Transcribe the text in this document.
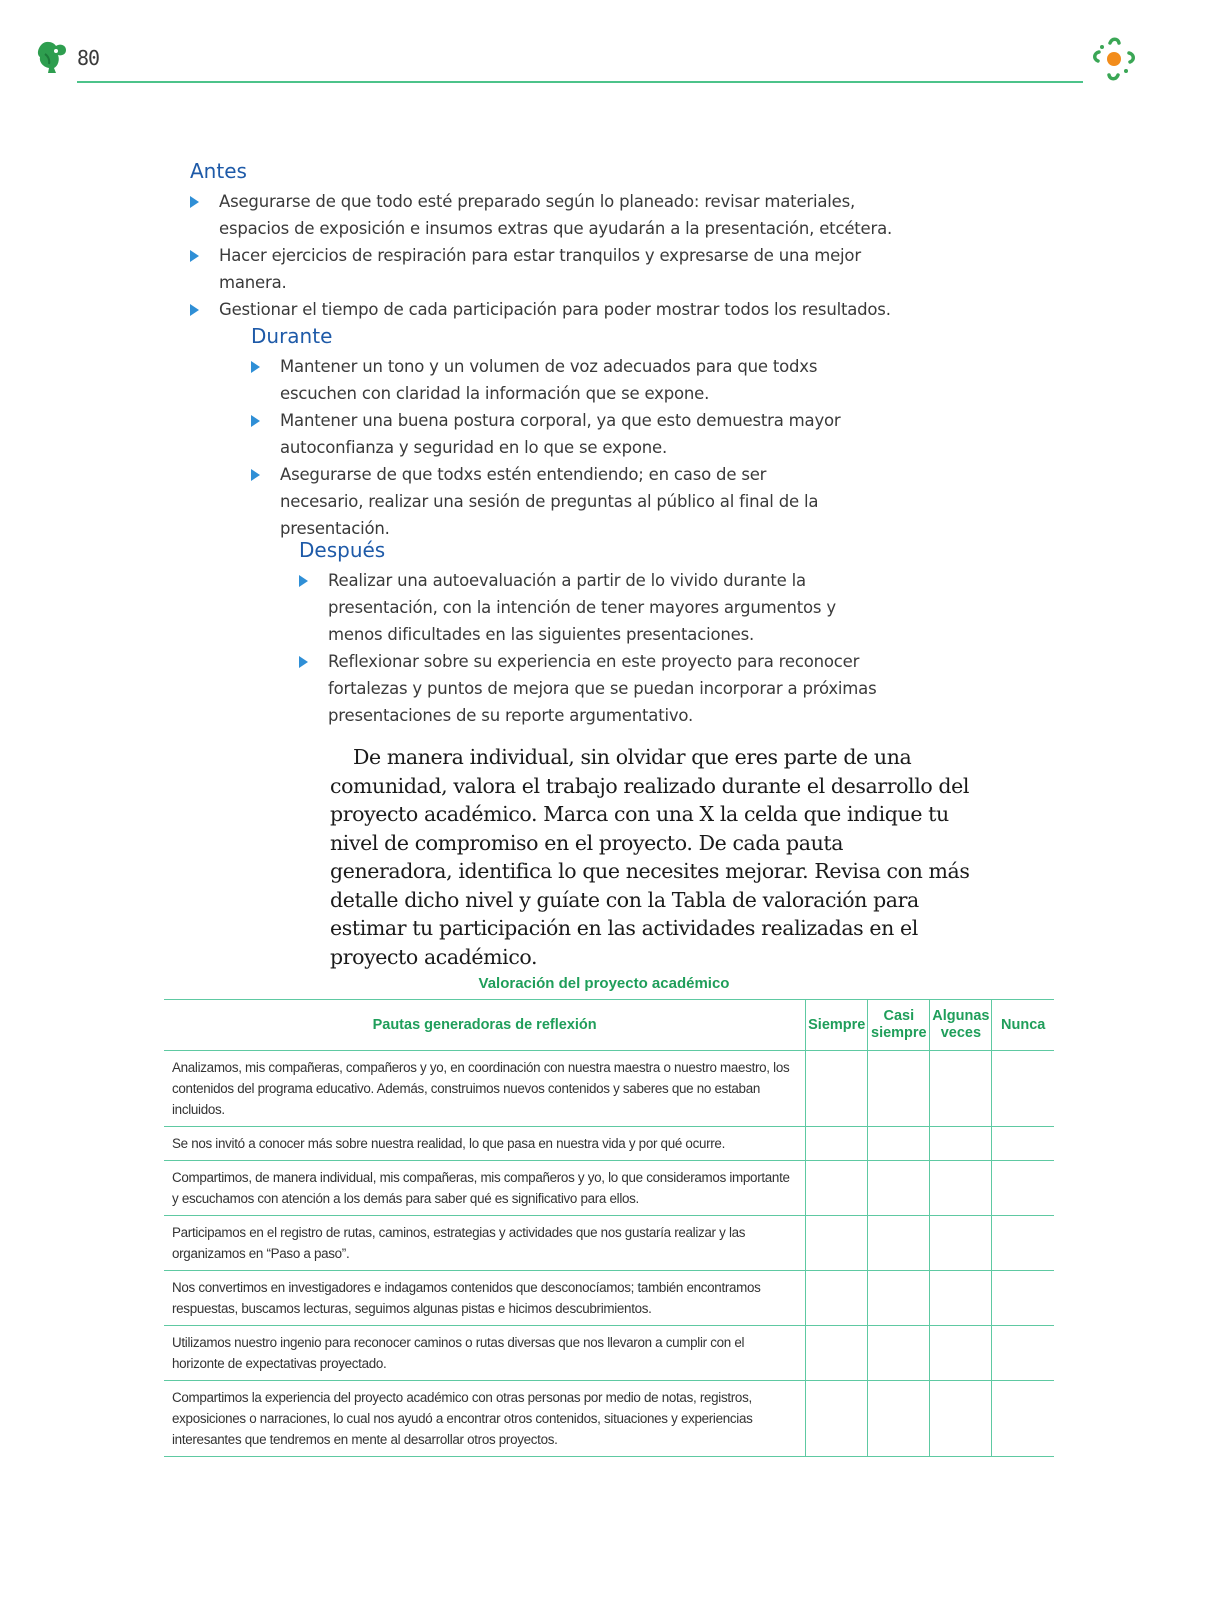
80
Antes
Asegurarse de que todo esté preparado según lo planeado: revisar materiales, espacios de exposición e insumos extras que ayudarán a la presentación, etcétera.
Hacer ejercicios de respiración para estar tranquilos y expresarse de una mejor manera.
Gestionar el tiempo de cada participación para poder mostrar todos los resultados.
Durante
Mantener un tono y un volumen de voz adecuados para que todxs escuchen con claridad la información que se expone.
Mantener una buena postura corporal, ya que esto demuestra mayor autoconfianza y seguridad en lo que se expone.
Asegurarse de que todxs estén entendiendo; en caso de ser necesario, realizar una sesión de preguntas al público al final de la presentación.
Después
Realizar una autoevaluación a partir de lo vivido durante la presentación, con la intención de tener mayores argumentos y menos dificultades en las siguientes presentaciones.
Reflexionar sobre su experiencia en este proyecto para reconocer fortalezas y puntos de mejora que se puedan incorporar a próximas presentaciones de su reporte argumentativo.

De manera individual, sin olvidar que eres parte de una comunidad, valora el trabajo realizado durante el desarrollo del proyecto académico. Marca con una X la celda que indique tu nivel de compromiso en el proyecto. De cada pauta generadora, identifica lo que necesites mejorar. Revisa con más detalle dicho nivel y guíate con la Tabla de valoración para estimar tu participación en las actividades realizadas en el proyecto académico.

Valoración del proyecto académico
Pautas generadoras de reflexión	Siempre	Casi siempre	Algunas veces	Nunca
Analizamos, mis compañeras, compañeros y yo, en coordinación con nuestra maestra o nuestro maestro, los contenidos del programa educativo. Además, construimos nuevos contenidos y saberes que no estaban incluidos.				
Se nos invitó a conocer más sobre nuestra realidad, lo que pasa en nuestra vida y por qué ocurre.				
Compartimos, de manera individual, mis compañeras, mis compañeros y yo, lo que consideramos importante y escuchamos con atención a los demás para saber qué es significativo para ellos.				
Participamos en el registro de rutas, caminos, estrategias y actividades que nos gustaría realizar y las organizamos en “Paso a paso”.				
Nos convertimos en investigadores e indagamos contenidos que desconocíamos; también encontramos respuestas, buscamos lecturas, seguimos algunas pistas e hicimos descubrimientos.				
Utilizamos nuestro ingenio para reconocer caminos o rutas diversas que nos llevaron a cumplir con el horizonte de expectativas proyectado.				
Compartimos la experiencia del proyecto académico con otras personas por medio de notas, registros, exposiciones o narraciones, lo cual nos ayudó a encontrar otros contenidos, situaciones y experiencias interesantes que tendremos en mente al desarrollar otros proyectos.				
